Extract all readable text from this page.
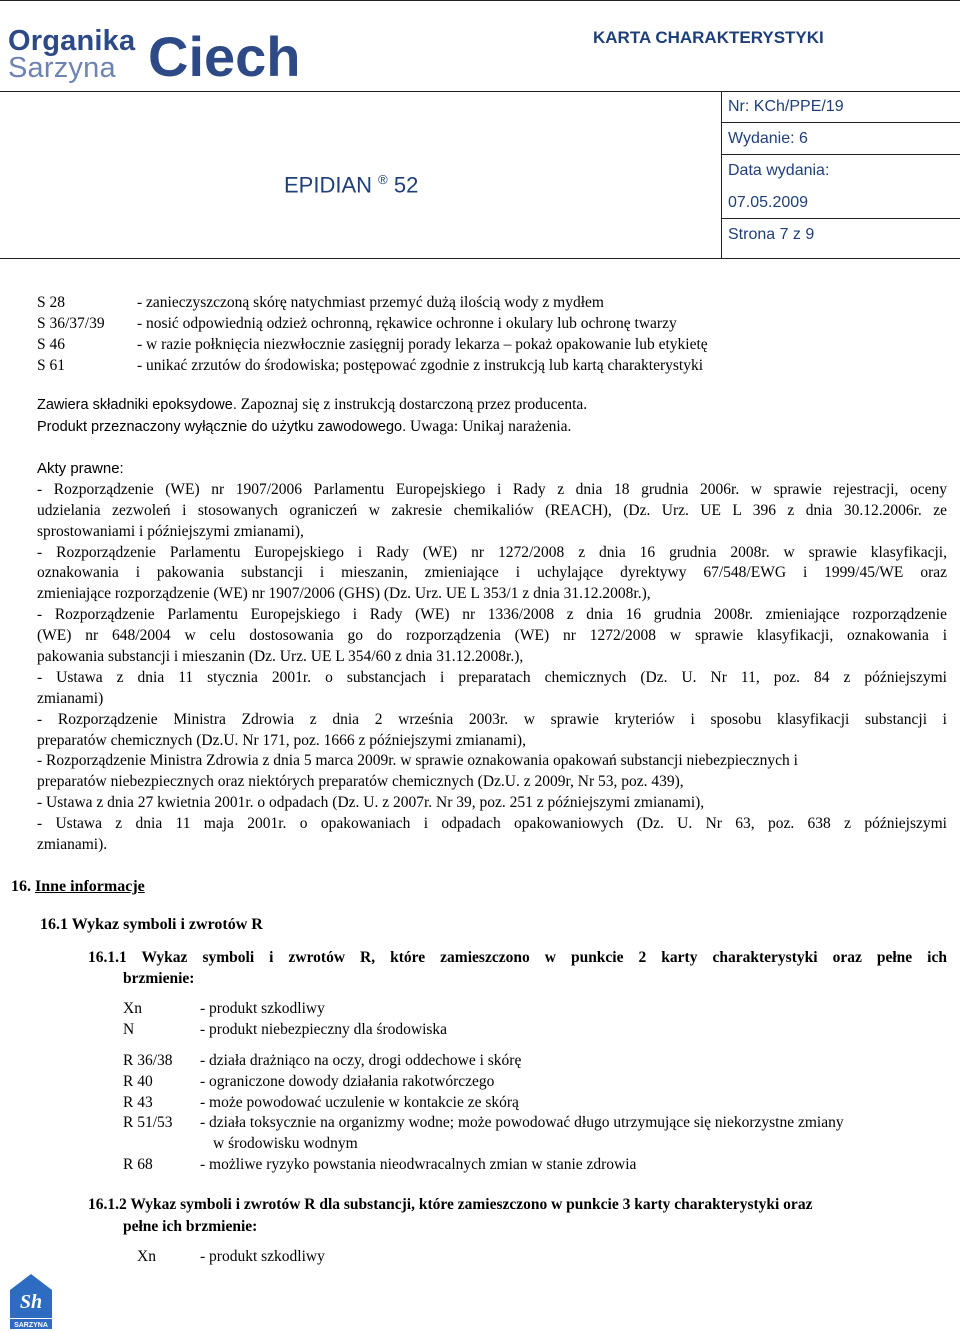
Organika
Sarzyna Ciech	KARTA CHARAKTERYSTYKI
EPIDIAN ® 52
Nr: KCh/PPE/19
Wydanie: 6
Data wydania:
07.05.2009
Strona 7 z 9
S 28	- zanieczyszczoną skórę natychmiast przemyć dużą ilością wody z mydłem
S 36/37/39 - nosić odpowiednią odzież ochronną, rękawice ochronne i okulary lub ochronę twarzy
S 46	- w razie połknięcia niezwłocznie zasięgnij porady lekarza – pokaż opakowanie lub etykietę
S 61	- unikać zrzutów do środowiska; postępować zgodnie z instrukcją lub kartą charakterystyki
Zawiera składniki epoksydowe. Zapoznaj się z instrukcją dostarczoną przez producenta.
Produkt przeznaczony wyłącznie do użytku zawodowego. Uwaga: Unikaj narażenia.
Akty prawne:
- Rozporządzenie (WE) nr 1907/2006 Parlamentu Europejskiego i Rady z dnia 18 grudnia 2006r. w sprawie rejestracji, oceny
udzielania zezwoleń i stosowanych ograniczeń w zakresie chemikaliów (REACH), (Dz. Urz. UE L 396 z dnia 30.12.2006r. ze
sprostowaniami i późniejszymi zmianami),
- Rozporządzenie Parlamentu Europejskiego i Rady (WE) nr 1272/2008 z dnia 16 grudnia 2008r. w sprawie klasyfikacji,
oznakowania i pakowania substancji i mieszanin, zmieniające i uchylające dyrektywy 67/548/EWG i 1999/45/WE oraz
zmieniające rozporządzenie (WE) nr 1907/2006 (GHS) (Dz. Urz. UE L 353/1 z dnia 31.12.2008r.),
- Rozporządzenie Parlamentu Europejskiego i Rady (WE) nr 1336/2008 z dnia 16 grudnia 2008r. zmieniające rozporządzenie
(WE) nr 648/2004 w celu dostosowania go do rozporządzenia (WE) nr 1272/2008 w sprawie klasyfikacji, oznakowania i
pakowania substancji i mieszanin (Dz. Urz. UE L 354/60 z dnia 31.12.2008r.),
- Ustawa z dnia 11 stycznia 2001r. o substancjach i preparatach chemicznych (Dz. U. Nr 11, poz. 84 z późniejszymi
zmianami)
- Rozporządzenie Ministra Zdrowia z dnia 2 września 2003r. w sprawie kryteriów i sposobu klasyfikacji substancji i
preparatów chemicznych (Dz.U. Nr 171, poz. 1666 z późniejszymi zmianami),
- Rozporządzenie Ministra Zdrowia z dnia 5 marca 2009r. w sprawie oznakowania opakowań substancji niebezpiecznych i
preparatów niebezpiecznych oraz niektórych preparatów chemicznych (Dz.U. z 2009r, Nr 53, poz. 439),
- Ustawa z dnia 27 kwietnia 2001r. o odpadach (Dz. U. z 2007r. Nr 39, poz. 251 z późniejszymi zmianami),
- Ustawa z dnia 11 maja 2001r. o opakowaniach i odpadach opakowaniowych (Dz. U. Nr 63, poz. 638 z późniejszymi
zmianami).
16. Inne informacje
16.1 Wykaz symboli i zwrotów R
16.1.1 Wykaz symboli i zwrotów R, które zamieszczono w punkcie 2 karty charakterystyki oraz pełne ich
brzmienie:
Xn	- produkt szkodliwy
N	- produkt niebezpieczny dla środowiska
R 36/38 - działa drażniąco na oczy, drogi oddechowe i skórę
R 40	- ograniczone dowody działania rakotwórczego
R 43	- może powodować uczulenie w kontakcie ze skórą
R 51/53 - działa toksycznie na organizmy wodne; może powodować długo utrzymujące się niekorzystne zmiany
w środowisku wodnym
R 68	- możliwe ryzyko powstania nieodwracalnych zmian w stanie zdrowia
16.1.2 Wykaz symboli i zwrotów R dla substancji, które zamieszczono w punkcie 3 karty charakterystyki oraz
pełne ich brzmienie:
Xn	- produkt szkodliwy
Sh
SARZYNA
